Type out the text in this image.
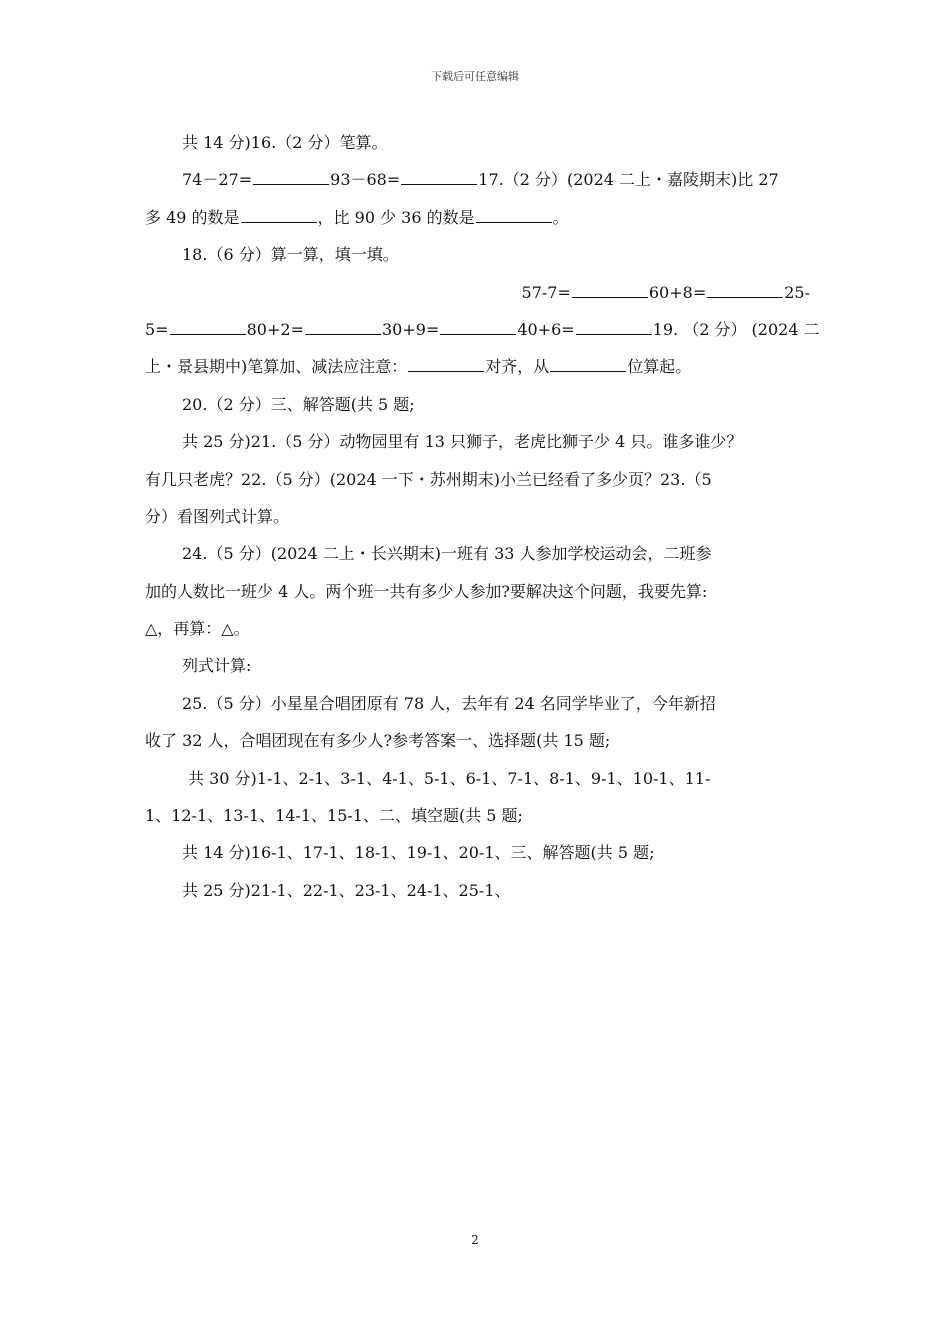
下载后可任意编辑
共 14 分)16.（2 分）笔算。
74－27=	93－68=	17.（2 分）(2024 二上・嘉陵期末)比 27
多 49 的数是	，比 90 少 36 的数是	。
18.（6 分）算一算，填一填。
57-7=	60+8=	25-
5=	80+2=	30+9=	40+6=	19. （2 分） (2024 二
上・景县期中)笔算加、减法应注意：	对齐，从	位算起。
20.（2 分）三、解答题(共 5 题;
共 25 分)21.（5 分）动物园里有 13 只狮子，老虎比狮子少 4 只。谁多谁少？
有几只老虎？22.（5 分）(2024 一下・苏州期末)小兰已经看了多少页？23.（5
分）看图列式计算。
24.（5 分）(2024 二上・长兴期末)一班有 33 人参加学校运动会，二班参
加的人数比一班少 4 人。两个班一共有多少人参加?要解决这个问题，我要先算:
△，再算：△。
列式计算:
25.（5 分）小星星合唱团原有 78 人，去年有 24 名同学毕业了，今年新招
收了 32 人，合唱团现在有多少人?参考答案一、选择题(共 15 题;
共 30 分)1-1、2-1、3-1、4-1、5-1、6-1、7-1、8-1、9-1、10-1、11-
1、12-1、13-1、14-1、15-1、二、填空题(共 5 题;
共 14 分)16-1、17-1、18-1、19-1、20-1、三、解答题(共 5 题;
共 25 分)21-1、22-1、23-1、24-1、25-1、
2
